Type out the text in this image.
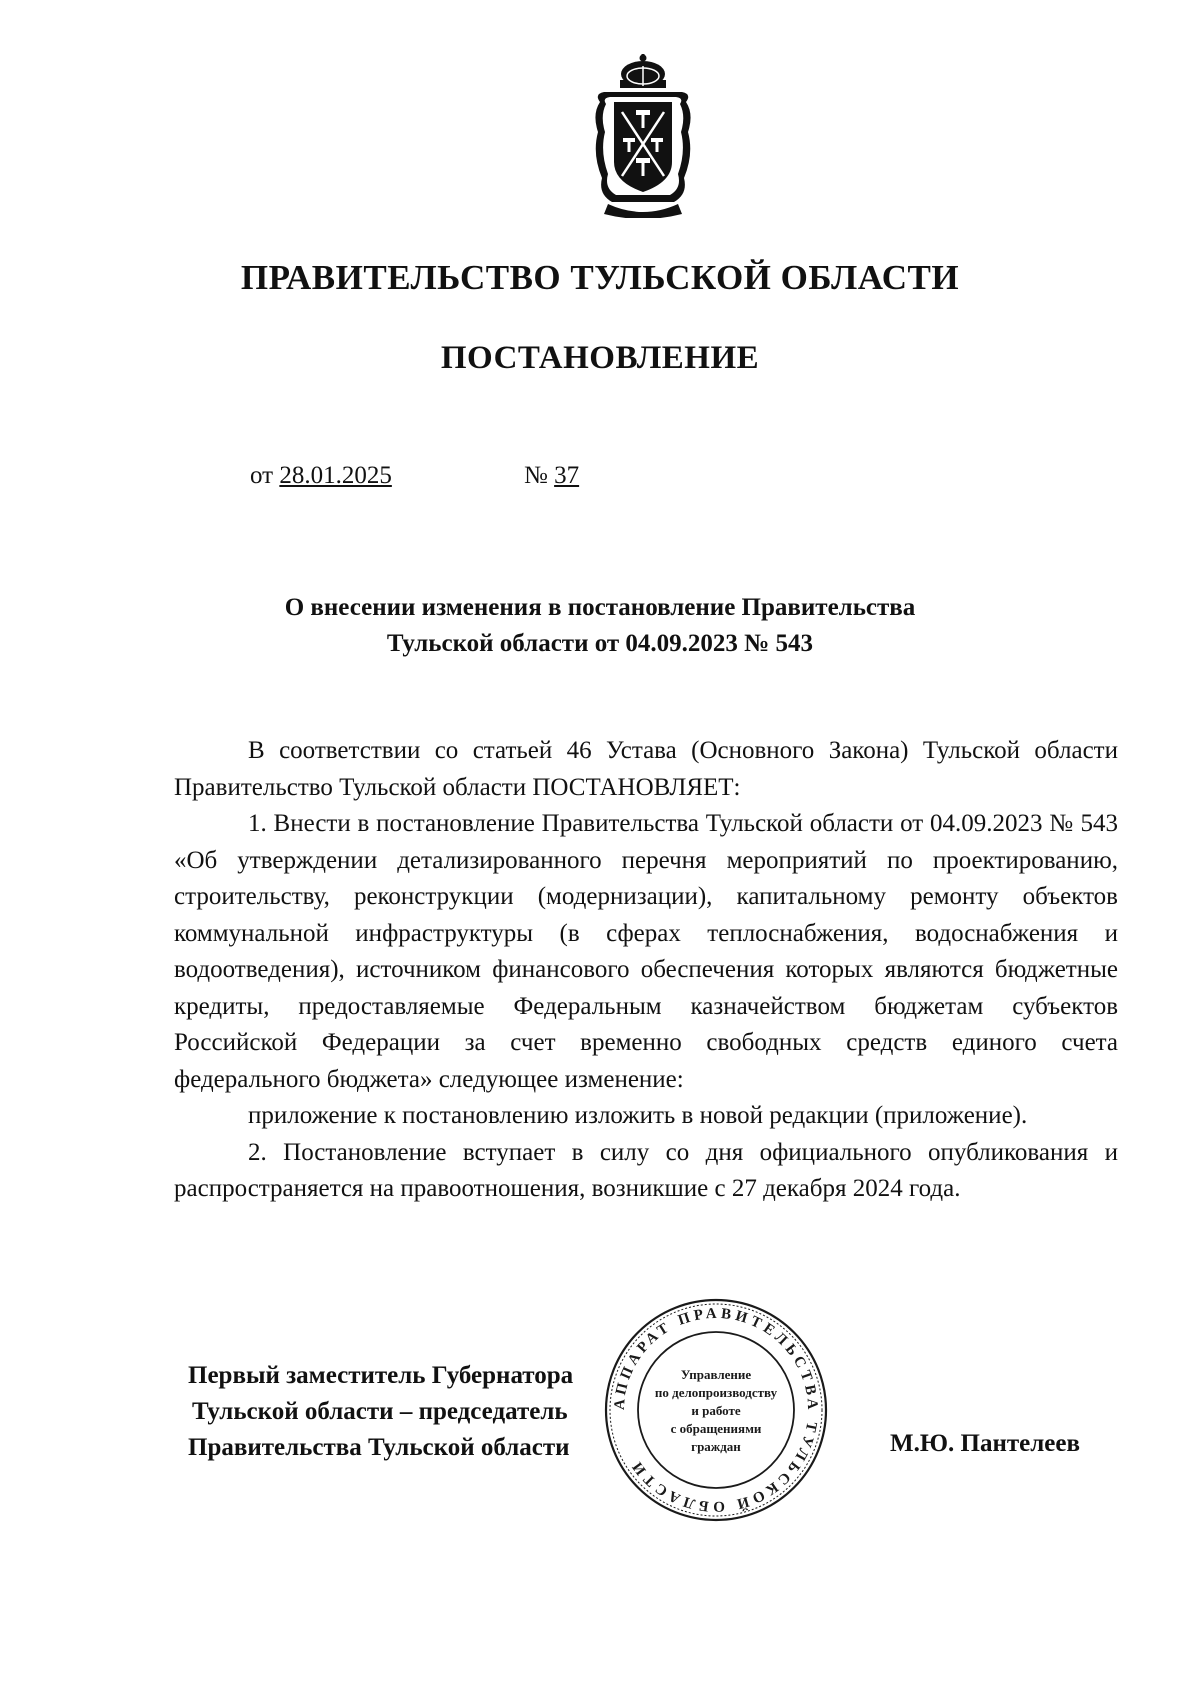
ПРАВИТЕЛЬСТВО ТУЛЬСКОЙ ОБЛАСТИ
ПОСТАНОВЛЕНИЕ
от 28.01.2025	№ 37
О внесении изменения в постановление Правительства
Тульской области от 04.09.2023 № 543

В соответствии со статьей 46 Устава (Основного Закона) Тульской области Правительство Тульской области ПОСТАНОВЛЯЕТ:

1. Внести в постановление Правительства Тульской области от 04.09.2023 № 543 «Об утверждении детализированного перечня мероприятий по проектированию, строительству, реконструкции (модернизации), капитальному ремонту объектов коммунальной инфраструктуры (в сферах теплоснабжения, водоснабжения и водоотведения), источником финансового обеспечения которых являются бюджетные кредиты, предоставляемые Федеральным казначейством бюджетам субъектов Российской Федерации за счет временно свободных средств единого счета федерального бюджета» следующее изменение:

приложение к постановлению изложить в новой редакции (приложение).

2. Постановление вступает в силу со дня официального опубликования и распространяется на правоотношения, возникшие с 27 декабря 2024 года.

Первый заместитель Губернатора
Тульской области – председатель
Правительства Тульской области	М.Ю. Пантелеев
АППАРАТ ПРАВИТЕЛЬСТВА ТУЛЬСКОЙ ОБЛАСТИ
Управление
по делопроизводству
и работе
с обращениями
граждан
